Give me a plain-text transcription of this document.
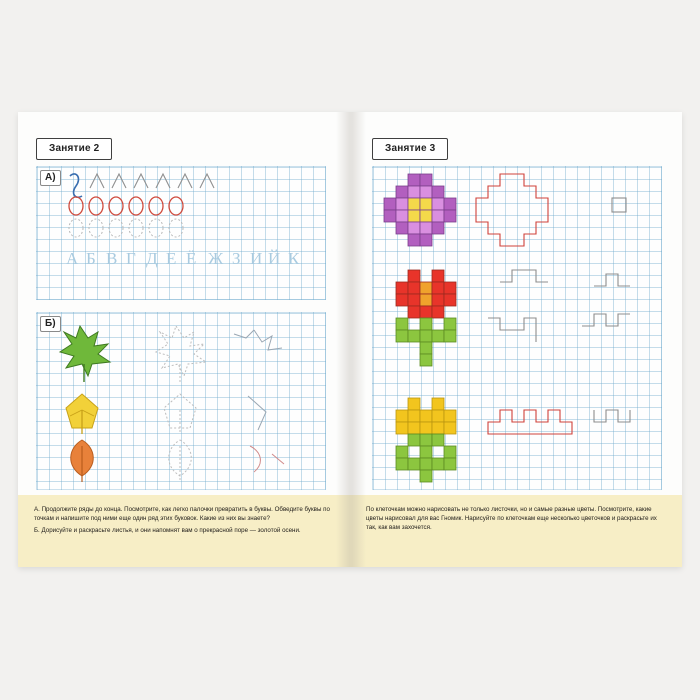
Занятие 2
А)
А Б В Г Д Е Ё Ж З И Й К
Б)

А. Продолжите ряды до конца. Посмотрите, как легко палочки превратить в буквы. Обведите буквы по точкам и напишите под ними еще один ряд этих буковок. Какие из них вы знаете?

Б. Дорисуйте и раскрасьте листья, и они напомнят вам о прекрасной поре — золотой осени.

Занятие 3

По клеточкам можно нарисовать не только листочки, но и самые разные цветы. Посмотрите, какие цветы нарисовал для вас Гномик. Нарисуйте по клеточкам еще несколько цветочков и раскрасьте их так, как вам захочется.
